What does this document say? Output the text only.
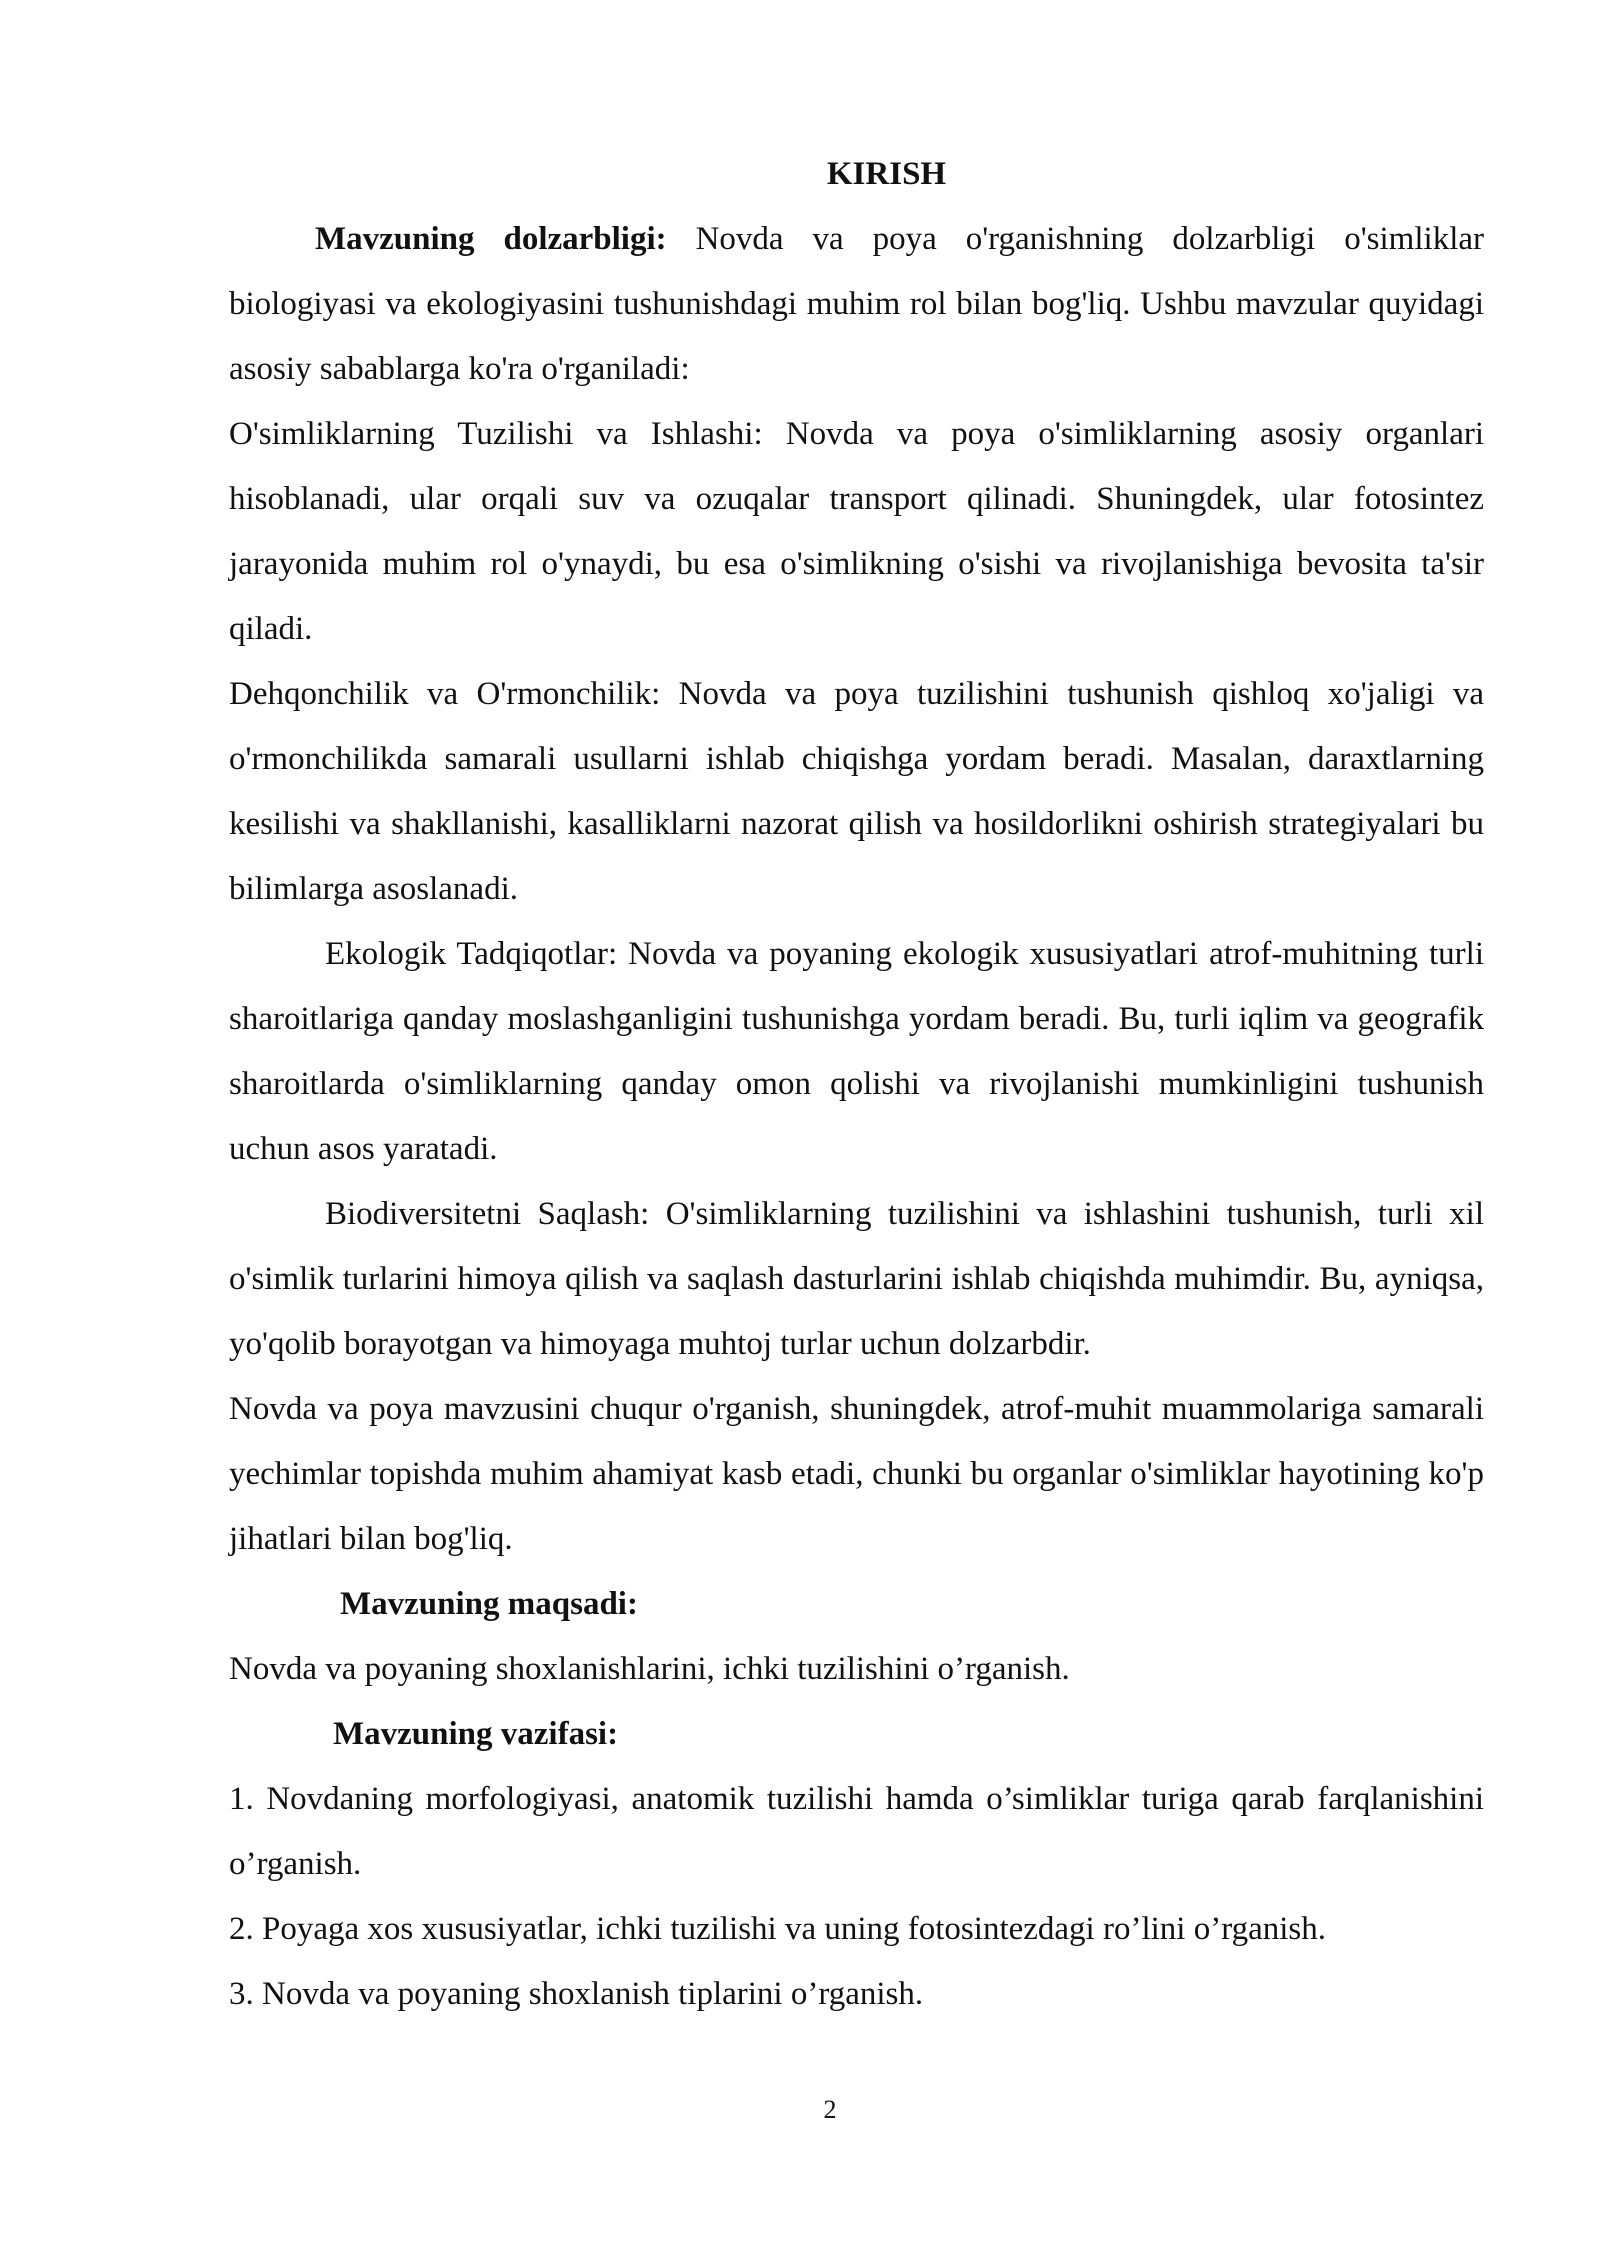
KIRISH

Mavzuning dolzarbligi: Novda va poya o'rganishning dolzarbligi o'simliklar biologiyasi va ekologiyasini tushunishdagi muhim rol bilan bog'liq. Ushbu mavzular quyidagi asosiy sabablarga ko'ra o'rganiladi:

O'simliklarning Tuzilishi va Ishlashi: Novda va poya o'simliklarning asosiy organlari hisoblanadi, ular orqali suv va ozuqalar transport qilinadi. Shuningdek, ular fotosintez jarayonida muhim rol o'ynaydi, bu esa o'simlikning o'sishi va rivojlanishiga bevosita ta'sir qiladi.

Dehqonchilik va O'rmonchilik: Novda va poya tuzilishini tushunish qishloq xo'jaligi va o'rmonchilikda samarali usullarni ishlab chiqishga yordam beradi. Masalan, daraxtlarning kesilishi va shakllanishi, kasalliklarni nazorat qilish va hosildorlikni oshirish strategiyalari bu bilimlarga asoslanadi.

Ekologik Tadqiqotlar: Novda va poyaning ekologik xususiyatlari atrof-muhitning turli sharoitlariga qanday moslashganligini tushunishga yordam beradi. Bu, turli iqlim va geografik sharoitlarda o'simliklarning qanday omon qolishi va rivojlanishi mumkinligini tushunish uchun asos yaratadi.

Biodiversitetni Saqlash: O'simliklarning tuzilishini va ishlashini tushunish, turli xil o'simlik turlarini himoya qilish va saqlash dasturlarini ishlab chiqishda muhimdir. Bu, ayniqsa, yo'qolib borayotgan va himoyaga muhtoj turlar uchun dolzarbdir.

Novda va poya mavzusini chuqur o'rganish, shuningdek, atrof-muhit muammolariga samarali yechimlar topishda muhim ahamiyat kasb etadi, chunki bu organlar o'simliklar hayotining ko'p jihatlari bilan bog'liq.

Mavzuning maqsadi:

Novda va poyaning shoxlanishlarini, ichki tuzilishini o’rganish.

Mavzuning vazifasi:

1. Novdaning morfologiyasi, anatomik tuzilishi hamda o’simliklar turiga qarab farqlanishini o’rganish.

2. Poyaga xos xususiyatlar, ichki tuzilishi va uning fotosintezdagi ro’lini o’rganish.

3. Novda va poyaning shoxlanish tiplarini o’rganish.

2
